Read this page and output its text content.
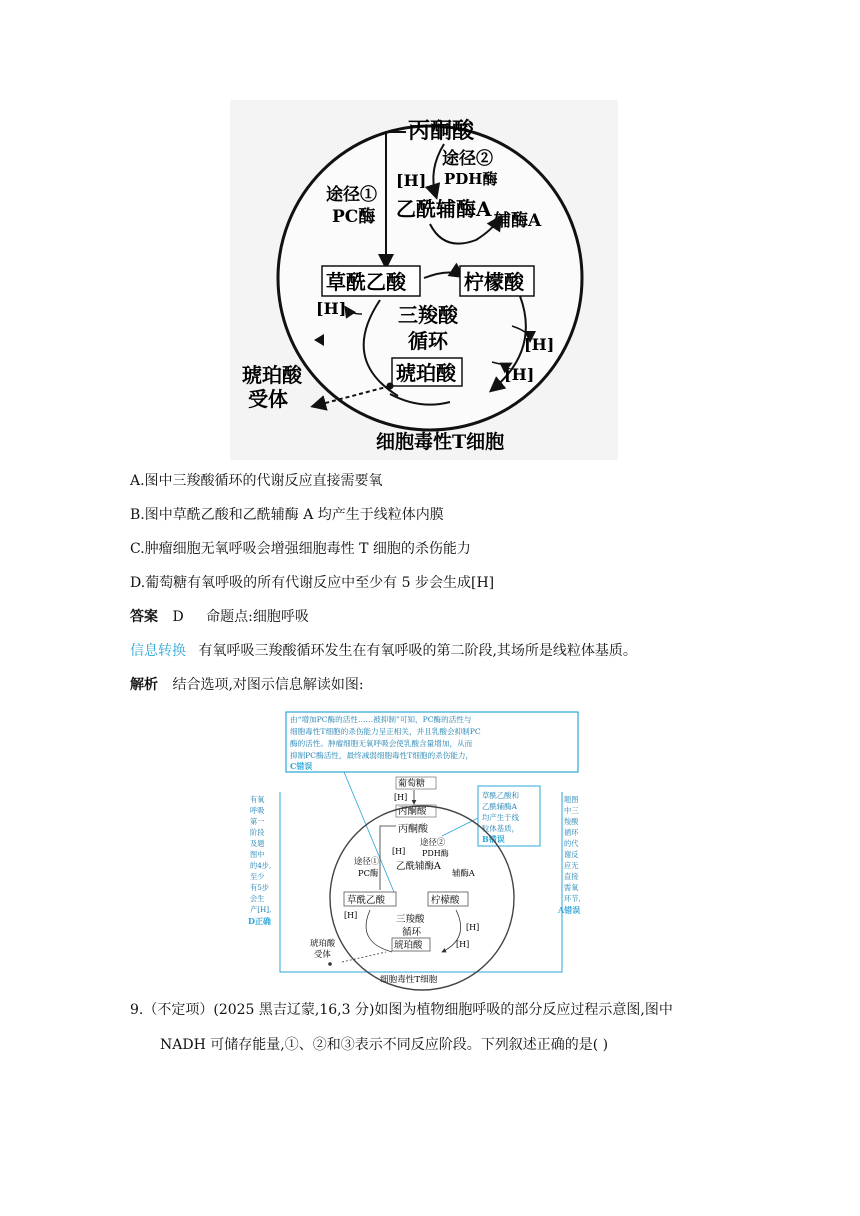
丙酮酸
途径②
PDH酶
[H]
途径①
PC酶 乙酰辅酶A 辅酶A
草酰乙酸	柠檬酸
琥珀酸
三羧酸
循环
[H]
[H]
[H]
琥珀酸
受体
细胞毒性T细胞
A.图中三羧酸循环的代谢反应直接需要氧
B.图中草酰乙酸和乙酰辅酶 A 均产生于线粒体内膜
C.肿瘤细胞无氧呼吸会增强细胞毒性 T 细胞的杀伤能力
D.葡萄糖有氧呼吸的所有代谢反应中至少有 5 步会生成[H]
答案 D 命题点:细胞呼吸
信息转换 有氧呼吸三羧酸循环发生在有氧呼吸的第二阶段,其场所是线粒体基质。
解析 结合选项,对图示信息解读如图:
由“增加PC酶的活性……被抑制”可知，PC酶的活性与
细胞毒性T细胞的杀伤能力呈正相关，并且乳酸会抑制PC
酶的活性。肿瘤细胞无氧呼吸会使乳酸含量增加，从而
抑制PC酶活性，最终减弱细胞毒性T细胞的杀伤能力，
C错误
有氧
呼吸
第一
阶段
及题
图中
的4步,
至少
有5步
会生
产[H],
D正确
题图
中三
羧酸
循环
的代
谢反
应无
直接
需氧
环节,
A错误
草酰乙酸和
乙酰辅酶A
均产生于线
粒体基质，
B错误
葡萄糖
[H]
丙酮酸
丙酮酸
途径②
PDH酶
[H]
途径①
PC酶
乙酰辅酶A
辅酶A
草酰乙酸	柠檬酸
三羧酸
循环
[H]
[H]
[H]
琥珀酸
琥珀酸
受体
细胞毒性T细胞
9.（不定项）(2025 黑吉辽蒙,16,3 分)如图为植物细胞呼吸的部分反应过程示意图,图中
NADH 可储存能量,①、②和③表示不同反应阶段。下列叙述正确的是( )
